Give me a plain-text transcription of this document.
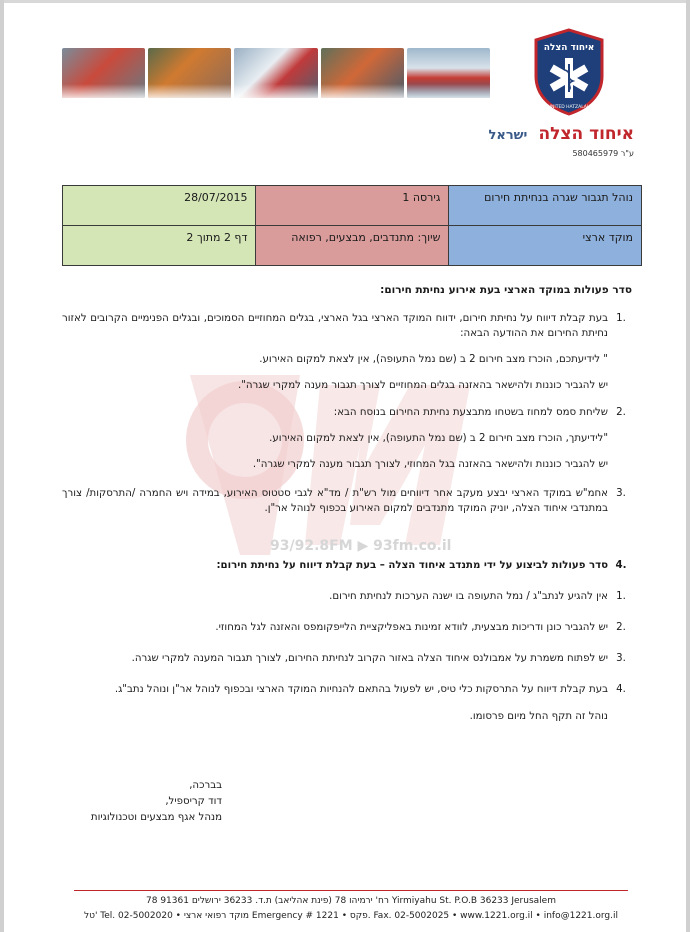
איחוד הצלה
UNITED HATZALAH
איחוד הצלה ישראל
ע"ר 580465979
נוהל תגבור שגרה בנחיתת חירום	גירסה 1	28/07/2015
מוקד ארצי	שיוך: מתנדבים, מבצעים, רפואה	דף 2 מתוך 2
93/92.8FM ▶ 93fm.co.il
סדר פעולות במוקד הארצי בעת אירוע נחיתת חירום:
.1
בעת קבלת דיווח על נחיתת חירום, ידווח המוקד הארצי בגל הארצי, בגלים המחוזיים הסמוכים, ובגלים הפנימיים הקרובים לאזור נחיתת החירום את ההודעה הבאה:
" לידיעתכם, הוכרז מצב חירום 2 ב (שם נמל התעופה), אין לצאת למקום האירוע.
יש להגביר כוננות ולהישאר בהאזנה בגלים המחוזיים לצורך תגבור מענה למקרי שגרה".
.2
שליחת סמס למחוז בשטחו מתבצעת נחיתת החירום בנוסח הבא:
"לידיעתך, הוכרז מצב חירום 2 ב (שם נמל התעופה), אין לצאת למקום האירוע.
יש להגביר כוננות ולהישאר בהאזנה בגל המחוזי, לצורך תגבור מענה למקרי שגרה".
.3
אחמ"ש במוקד הארצי יבצע מעקב אחר דיווחים מול רש"ת / מד"א לגבי סטטוס האירוע, במידה ויש החמרה /התרסקות/ צורך במתנדבי איחוד הצלה, יוניק המוקד מתנדבים למקום האירוע בכפוף לנוהל אר"ן.
.4
סדר פעולות לביצוע על ידי מתנדב איחוד הצלה – בעת קבלת דיווח על נחיתת חירום:
.1
אין להגיע לנתב"ג / נמל התעופה בו ישנה הערכות לנחיתת חירום.
.2
יש להגביר כונן ודריכות מבצעית, לוודא זמינות באפליקציית הלייפקומפס והאזנה לגל המחוזי.
.3
יש לפתוח משמרת על אמבולנס איחוד הצלה באזור הקרוב לנחיתת החירום, לצורך תגבור המענה למקרי שגרה.
.4
בעת קבלת דיווח על התרסקות כלי טיס, יש לפעול בהתאם להנחיות המוקד הארצי ובכפוף לנוהל אר"ן ונוהל נתב"ג.
נוהל זה תקף החל מיום פרסומו.
בברכה,
דוד קריספיל,
מנהל אגף מבצעים וטכנולוגיות
רח' ירמיהו 78 (פינת אהליאב) ת.ד. 36233 ירושלים 91361 78 Yirmiyahu St. P.O.B 36233 Jerusalem
טל' Tel. 02-5002020 • מוקד רפואי ארצי Emergency # 1221 • פקס. Fax. 02-5002025 • www.1221.org.il • info@1221.org.il
